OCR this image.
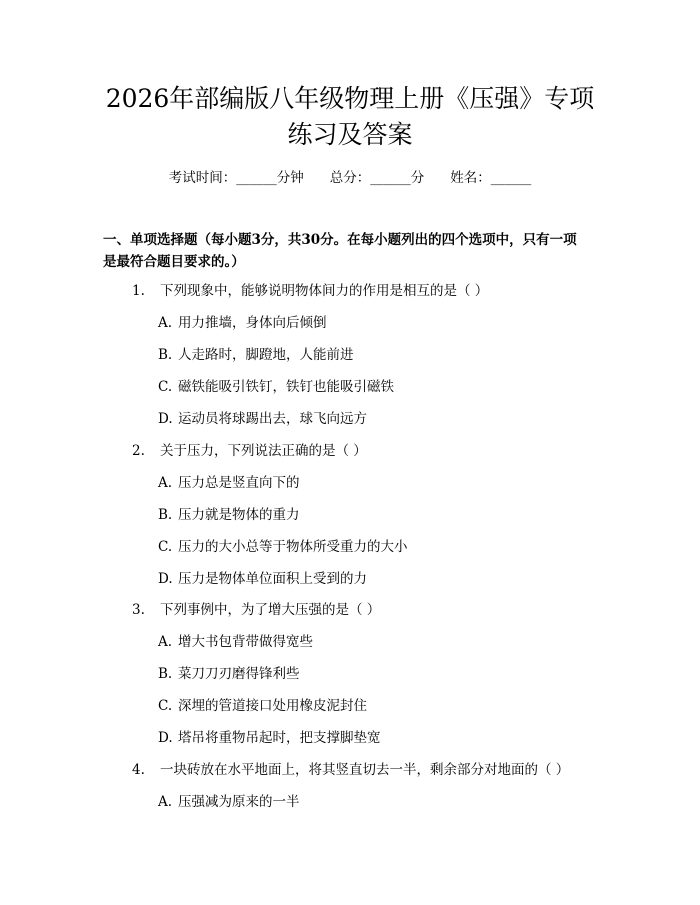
2026年部编版八年级物理上册《压强》专项
练习及答案
考试时间：______分钟 总分：______分 姓名：______
一、单项选择题（每小题3分，共30分。在每小题列出的四个选项中，只有一项
是最符合题目要求的。）
1. 下列现象中，能够说明物体间力的作用是相互的是（ ）
A. 用力推墙，身体向后倾倒
B. 人走路时，脚蹬地，人能前进
C. 磁铁能吸引铁钉，铁钉也能吸引磁铁
D. 运动员将球踢出去，球飞向远方
2. 关于压力，下列说法正确的是（ ）
A. 压力总是竖直向下的
B. 压力就是物体的重力
C. 压力的大小总等于物体所受重力的大小
D. 压力是物体单位面积上受到的力
3. 下列事例中，为了增大压强的是（ ）
A. 增大书包背带做得宽些
B. 菜刀刀刃磨得锋利些
C. 深埋的管道接口处用橡皮泥封住
D. 塔吊将重物吊起时，把支撑脚垫宽
4. 一块砖放在水平地面上，将其竖直切去一半，剩余部分对地面的（ ）
A. 压强减为原来的一半
